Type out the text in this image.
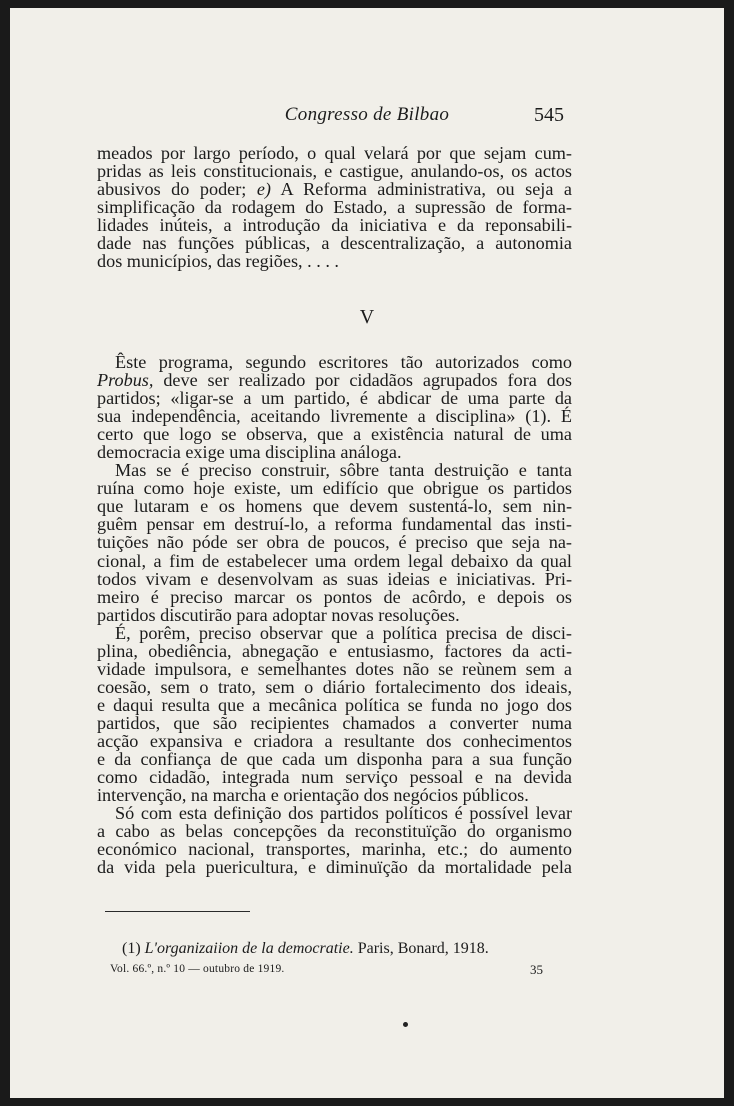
Congresso de Bilbao	545
meados por largo período, o qual velará por que sejam cum-
pridas as leis constitucionais, e castigue, anulando-os, os actos
abusivos do poder; e) A Reforma administrativa, ou seja a
simplificação da rodagem do Estado, a supressão de forma-
lidades inúteis, a introdução da iniciativa e da reponsabili-
dade nas funções públicas, a descentralização, a autonomia
dos municípios, das regiões, . . . .
V
Êste programa, segundo escritores tão autorizados como
Probus, deve ser realizado por cidadãos agrupados fora dos
partidos; «ligar-se a um partido, é abdicar de uma parte da
sua independência, aceitando livremente a disciplina» (1). É
certo que logo se observa, que a existência natural de uma
democracia exige uma disciplina análoga.
Mas se é preciso construir, sôbre tanta destruição e tanta
ruína como hoje existe, um edifício que obrigue os partidos
que lutaram e os homens que devem sustentá-lo, sem nin-
guêm pensar em destruí-lo, a reforma fundamental das insti-
tuições não póde ser obra de poucos, é preciso que seja na-
cional, a fim de estabelecer uma ordem legal debaixo da qual
todos vivam e desenvolvam as suas ideias e iniciativas. Pri-
meiro é preciso marcar os pontos de acôrdo, e depois os
partidos discutirão para adoptar novas resoluções.
É, porêm, preciso observar que a política precisa de disci-
plina, obediência, abnegação e entusiasmo, factores da acti-
vidade impulsora, e semelhantes dotes não se reùnem sem a
coesão, sem o trato, sem o diário fortalecimento dos ideais,
e daqui resulta que a mecânica política se funda no jogo dos
partidos, que são recipientes chamados a converter numa
acção expansiva e criadora a resultante dos conhecimentos
e da confiança de que cada um disponha para a sua função
como cidadão, integrada num serviço pessoal e na devida
intervenção, na marcha e orientação dos negócios públicos.
Só com esta definição dos partidos políticos é possível levar
a cabo as belas concepções da reconstituïção do organismo
económico nacional, transportes, marinha, etc.; do aumento
da vida pela puericultura, e diminuïção da mortalidade pela
(1) L'organizaiion de la democratie. Paris, Bonard, 1918.
Vol. 66.º, n.º 10 — outubro de 1919.	35
